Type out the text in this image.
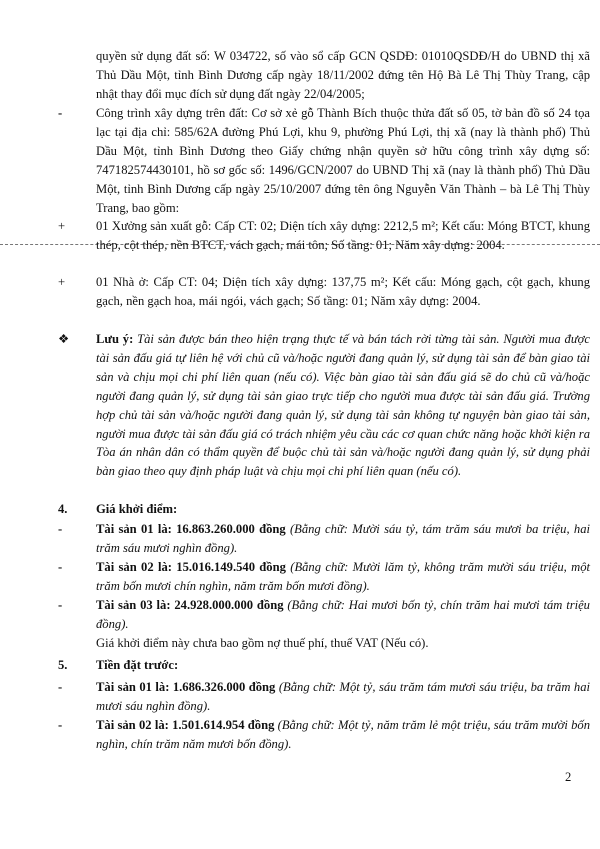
quyền sử dụng đất số: W 034722, số vào sổ cấp GCN QSDĐ: 01010QSDĐ/H do UBND thị xã Thủ Dầu Một, tỉnh Bình Dương cấp ngày 18/11/2002 đứng tên Hộ Bà Lê Thị Thùy Trang, cập nhật thay đổi mục đích sử dụng đất ngày 22/04/2005;
-	Công trình xây dựng trên đất: Cơ sở xẻ gỗ Thành Bích thuộc thửa đất số 05, tờ bản đồ số 24 tọa lạc tại địa chỉ: 585/62A đường Phú Lợi, khu 9, phường Phú Lợi, thị xã (nay là thành phố) Thủ Dầu Một, tỉnh Bình Dương theo Giấy chứng nhận quyền sở hữu công trình xây dựng số: 747182574430101, hồ sơ gốc số: 1496/GCN/2007 do UBND Thị xã (nay là thành phố) Thủ Dầu Một, tỉnh Bình Dương cấp ngày 25/10/2007 đứng tên ông Nguyễn Văn Thành – bà Lê Thị Thùy Trang, bao gồm:
+	01 Xưởng sản xuất gỗ: Cấp CT: 02; Diện tích xây dựng: 2212,5 m²; Kết cấu: Móng BTCT, khung thép, cột thép, nền BTCT, vách gạch, mái tôn; Số tầng: 01; Năm xây dựng: 2004.
+	01 Nhà ở: Cấp CT: 04; Diện tích xây dựng: 137,75 m²; Kết cấu: Móng gạch, cột gạch, khung gạch, nền gạch hoa, mái ngói, vách gạch; Số tầng: 01; Năm xây dựng: 2004.
❖	Lưu ý: Tài sản được bán theo hiện trạng thực tế và bán tách rời từng tài sản. Người mua được tài sản đấu giá tự liên hệ với chủ cũ và/hoặc người đang quản lý, sử dụng tài sản để bàn giao tài sản và chịu mọi chi phí liên quan (nếu có). Việc bàn giao tài sản đấu giá sẽ do chủ cũ và/hoặc người đang quản lý, sử dụng tài sản giao trực tiếp cho người mua được tài sản đấu giá. Trường hợp chủ tài sản và/hoặc người đang quản lý, sử dụng tài sản không tự nguyện bàn giao tài sản, người mua được tài sản đấu giá có trách nhiệm yêu cầu các cơ quan chức năng hoặc khởi kiện ra Tòa án nhân dân có thẩm quyền để buộc chủ tài sản và/hoặc người đang quản lý, sử dụng phải bàn giao theo quy định pháp luật và chịu mọi chi phí liên quan (nếu có).
4.	Giá khởi điểm:
-	Tài sản 01 là: 16.863.260.000 đồng (Bằng chữ: Mười sáu tỷ, tám trăm sáu mươi ba triệu, hai trăm sáu mươi nghìn đồng).
-	Tài sản 02 là: 15.016.149.540 đồng (Bằng chữ: Mười lăm tỷ, không trăm mười sáu triệu, một trăm bốn mươi chín nghìn, năm trăm bốn mươi đồng).
-	Tài sản 03 là: 24.928.000.000 đồng (Bằng chữ: Hai mươi bốn tỷ, chín trăm hai mươi tám triệu đồng).
Giá khởi điểm này chưa bao gồm nợ thuế phí, thuế VAT (Nếu có).
5.	Tiền đặt trước:
-	Tài sản 01 là: 1.686.326.000 đồng (Bằng chữ: Một tỷ, sáu trăm tám mươi sáu triệu, ba trăm hai mươi sáu nghìn đồng).
-	Tài sản 02 là: 1.501.614.954 đồng (Bằng chữ: Một tỷ, năm trăm lẻ một triệu, sáu trăm mười bốn nghìn, chín trăm năm mươi bốn đồng).
2
